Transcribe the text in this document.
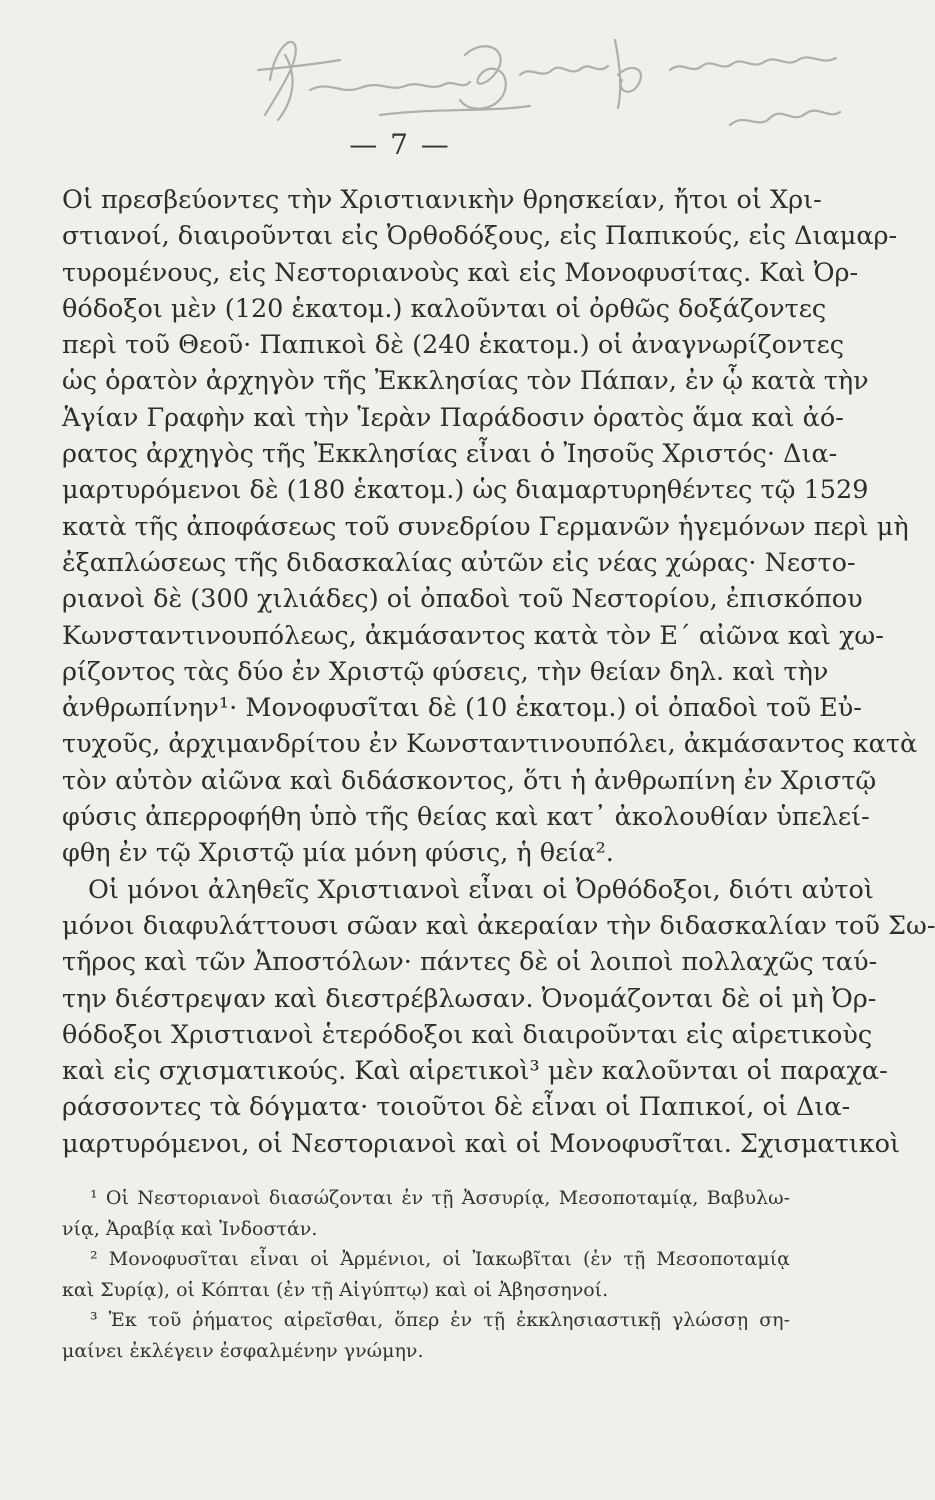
— 7 —
Οἱ πρεσβεύοντες τὴν Χριστιανικὴν θρησκείαν, ἤτοι οἱ Χρι-
στιανοί, διαιροῦνται εἰς Ὀρθοδόξους, εἰς Παπικούς, εἰς Διαμαρ-
τυρομένους, εἰς Νεστοριανοὺς καὶ εἰς Μονοφυσίτας. Καὶ Ὀρ-
θόδοξοι μὲν (120 ἑκατομ.) καλοῦνται οἱ ὀρθῶς δοξάζοντες
περὶ τοῦ Θεοῦ· Παπικοὶ δὲ (240 ἑκατομ.) οἱ ἀναγνωρίζοντες
ὡς ὁρατὸν ἀρχηγὸν τῆς Ἐκκλησίας τὸν Πάπαν, ἐν ᾧ κατὰ τὴν
Ἁγίαν Γραφὴν καὶ τὴν Ἱερὰν Παράδοσιν ὁρατὸς ἅμα καὶ ἀό-
ρατος ἀρχηγὸς τῆς Ἐκκλησίας εἶναι ὁ Ἰησοῦς Χριστός· Δια-
μαρτυρόμενοι δὲ (180 ἑκατομ.) ὡς διαμαρτυρηθέντες τῷ 1529
κατὰ τῆς ἀποφάσεως τοῦ συνεδρίου Γερμανῶν ἡγεμόνων περὶ μὴ
ἐξαπλώσεως τῆς διδασκαλίας αὐτῶν εἰς νέας χώρας· Νεστο-
ριανοὶ δὲ (300 χιλιάδες) οἱ ὀπαδοὶ τοῦ Νεστορίου, ἐπισκόπου
Κωνσταντινουπόλεως, ἀκμάσαντος κατὰ τὸν Ε´ αἰῶνα καὶ χω-
ρίζοντος τὰς δύο ἐν Χριστῷ φύσεις, τὴν θείαν δηλ. καὶ τὴν
ἀνθρωπίνην¹· Μονοφυσῖται δὲ (10 ἑκατομ.) οἱ ὀπαδοὶ τοῦ Εὐ-
τυχοῦς, ἀρχιμανδρίτου ἐν Κωνσταντινουπόλει, ἀκμάσαντος κατὰ
τὸν αὐτὸν αἰῶνα καὶ διδάσκοντος, ὅτι ἡ ἀνθρωπίνη ἐν Χριστῷ
φύσις ἀπερροφήθη ὑπὸ τῆς θείας καὶ κατ᾽ ἀκολουθίαν ὑπελεί-
φθη ἐν τῷ Χριστῷ μία μόνη φύσις, ἡ θεία².
Οἱ μόνοι ἀληθεῖς Χριστιανοὶ εἶναι οἱ Ὀρθόδοξοι, διότι αὐτοὶ
μόνοι διαφυλάττουσι σῶαν καὶ ἀκεραίαν τὴν διδασκαλίαν τοῦ Σω-
τῆρος καὶ τῶν Ἀποστόλων· πάντες δὲ οἱ λοιποὶ πολλαχῶς ταύ-
την διέστρεψαν καὶ διεστρέβλωσαν. Ὀνομάζονται δὲ οἱ μὴ Ὀρ-
θόδοξοι Χριστιανοὶ ἑτερόδοξοι καὶ διαιροῦνται εἰς αἱρετικοὺς
καὶ εἰς σχισματικούς. Καὶ αἱρετικοὶ³ μὲν καλοῦνται οἱ παραχα-
ράσσοντες τὰ δόγματα· τοιοῦτοι δὲ εἶναι οἱ Παπικοί, οἱ Δια-
μαρτυρόμενοι, οἱ Νεστοριανοὶ καὶ οἱ Μονοφυσῖται. Σχισματικοὶ
¹ Οἱ Νεστοριανοὶ διασώζονται ἐν τῇ Ἀσσυρίᾳ, Μεσοποταμίᾳ, Βαβυλω-
νίᾳ, Ἀραβίᾳ καὶ Ἰνδοστάν.
² Μονοφυσῖται εἶναι οἱ Ἀρμένιοι, οἱ Ἰακωβῖται (ἐν τῇ Μεσοποταμίᾳ
καὶ Συρίᾳ), οἱ Κόπται (ἐν τῇ Αἰγύπτῳ) καὶ οἱ Ἀβησσηνοί.
³ Ἐκ τοῦ ῥήματος αἱρεῖσθαι, ὅπερ ἐν τῇ ἐκκλησιαστικῇ γλώσσῃ ση-
μαίνει ἐκλέγειν ἐσφαλμένην γνώμην.
